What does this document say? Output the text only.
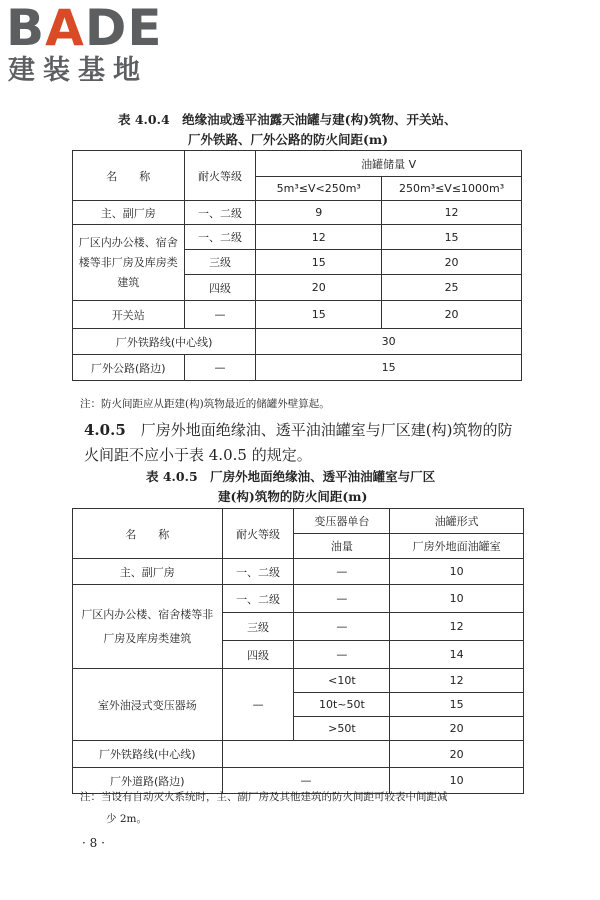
BADE
建装基地
表 4.0.4　绝缘油或透平油露天油罐与建(构)筑物、开关站、
厂外铁路、厂外公路的防火间距(m)
名　　称	耐火等级	油罐储量 V	
		5m³≤V<250m³	250m³≤V≤1000m³
主、副厂房	一、二级	9	12
厂区内办公楼、宿舍楼等非厂房及库房类建筑	一、二级	12	15
	三级	15	20
	四级	20	25
开关站	—	15	20
厂外铁路线(中心线)		30	
厂外公路(路边)	—	15	
注：防火间距应从距建(构)筑物最近的储罐外壁算起。
4.0.5　 厂房外地面绝缘油、透平油油罐室与厂区建(构)筑物的防火间距不应小于表 4.0.5 的规定。
表 4.0.5　厂房外地面绝缘油、透平油油罐室与厂区
建(构)筑物的防火间距(m)
名　　称	耐火等级	变压器单台	油罐形式
		油量	厂房外地面油罐室
主、副厂房	一、二级	—	10
厂区内办公楼、宿舍楼等非厂房及库房类建筑	一、二级	—	10
	三级	—	12
	四级	—	14
室外油浸式变压器场	—	<10t	12
		10t~50t	15
		>50t	20
厂外铁路线(中心线)			20
厂外道路(路边)	—		10
注：当设有自动灭火系统时，主、副厂房及其他建筑的防火间距可较表中间距减
少 2m。
· 8 ·
